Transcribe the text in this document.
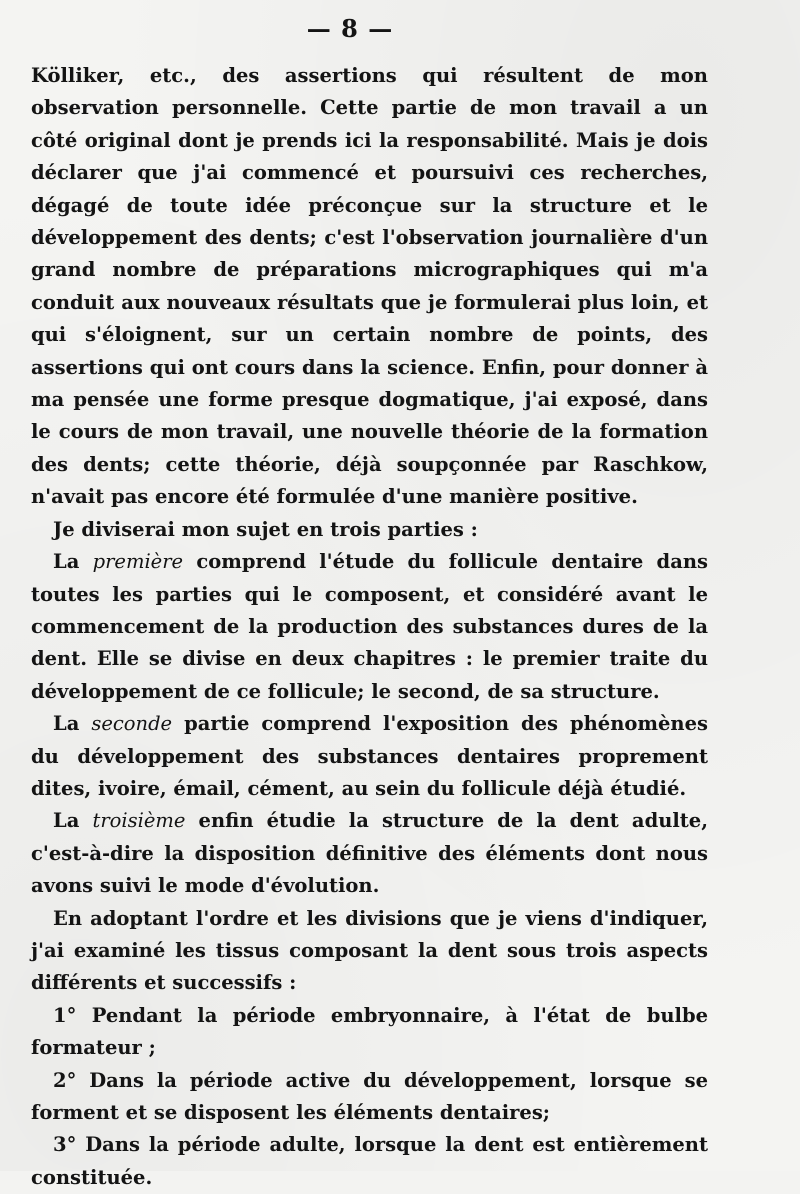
— 8 —

Kölliker, etc., des assertions qui résultent de mon observation personnelle. Cette partie de mon travail a un côté original dont je prends ici la responsabilité. Mais je dois déclarer que j'ai commencé et poursuivi ces recherches, dégagé de toute idée préconçue sur la structure et le développement des dents; c'est l'observation journalière d'un grand nombre de préparations micrographiques qui m'a conduit aux nouveaux résultats que je formulerai plus loin, et qui s'éloignent, sur un certain nombre de points, des assertions qui ont cours dans la science. Enfin, pour donner à ma pensée une forme presque dogmatique, j'ai exposé, dans le cours de mon travail, une nouvelle théorie de la formation des dents; cette théorie, déjà soupçonnée par Raschkow, n'avait pas encore été formulée d'une manière positive.

Je diviserai mon sujet en trois parties :

La première comprend l'étude du follicule dentaire dans toutes les parties qui le composent, et considéré avant le commencement de la production des substances dures de la dent. Elle se divise en deux chapitres : le premier traite du développement de ce follicule; le second, de sa structure.

La seconde partie comprend l'exposition des phénomènes du développement des substances dentaires proprement dites, ivoire, émail, cément, au sein du follicule déjà étudié.

La troisième enfin étudie la structure de la dent adulte, c'est-à-dire la disposition définitive des éléments dont nous avons suivi le mode d'évolution.

En adoptant l'ordre et les divisions que je viens d'indiquer, j'ai examiné les tissus composant la dent sous trois aspects différents et successifs :

1° Pendant la période embryonnaire, à l'état de bulbe formateur ;

2° Dans la période active du développement, lorsque se forment et se disposent les éléments dentaires;

3° Dans la période adulte, lorsque la dent est entièrement constituée.
